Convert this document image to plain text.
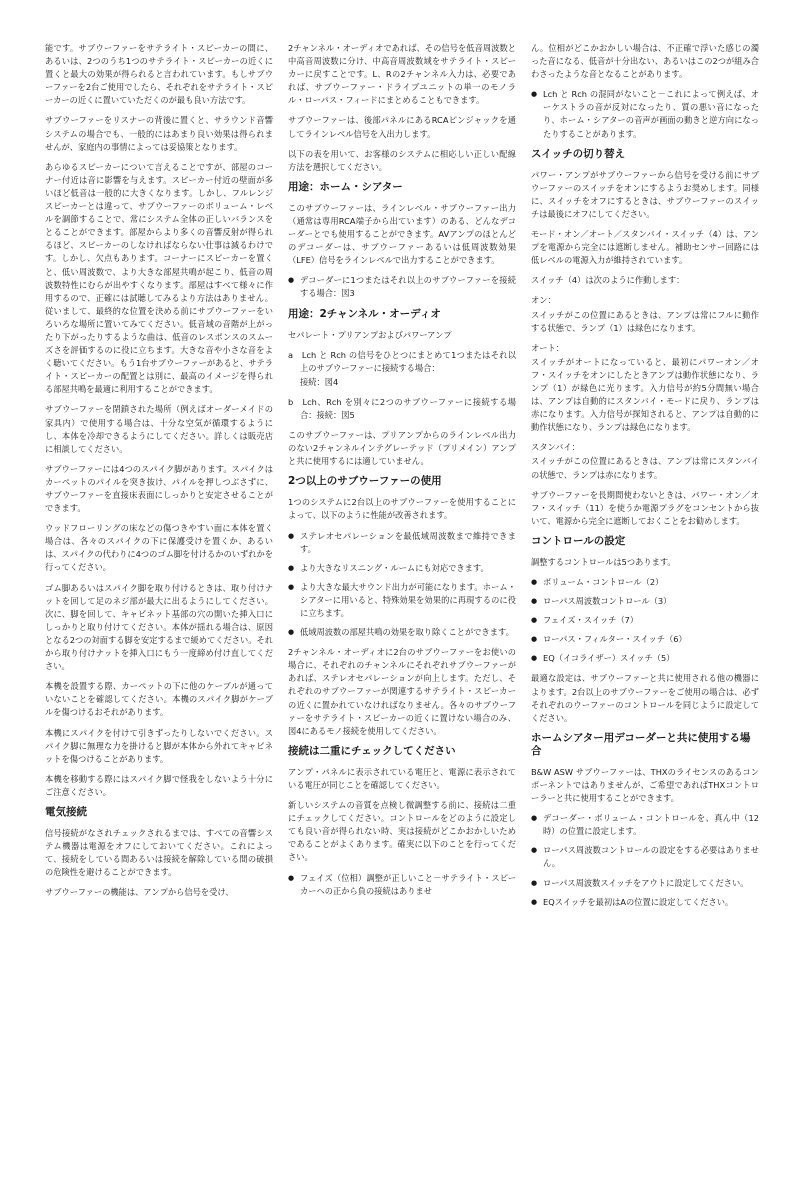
能です。サブウーファーをサテライト・スピーカーの間に、あるいは、2つのうち1つのサテライト・スピーカーの近くに置くと最大の効果が得られると言われています。もしサブウーファーを2台ご使用でしたら、それぞれをサテライト・スピーカーの近くに置いていただくのが最も良い方法です。

サブウーファーをリスナーの背後に置くと、サラウンド音響システムの場合でも、一般的にはあまり良い効果は得られませんが、家庭内の事情によっては妥協策となります。

あらゆるスピーカーについて言えることですが、部屋のコーナー付近は音に影響を与えます。スピーカー付近の壁面が多いほど低音は一般的に大きくなります。しかし、フルレンジスピーカーとは違って、サブウーファーのボリューム・レベルを調節することで、常にシステム全体の正しいバランスをとることができます。部屋からより多くの音響反射が得られるほど、スピーカーのしなければならない仕事は減るわけです。しかし、欠点もあります。コーナーにスピーカーを置くと、低い周波数で、より大きな部屋共鳴が起こり、低音の周波数特性にむらが出やすくなります。部屋はすべて様々に作用するので、正確には試聴してみるより方法はありません。従いまして、最終的な位置を決める前にサブウーファーをいろいろな場所に置いてみてください。低音域の音階が上がったり下がったりするような曲は、低音のレスポンスのスムーズさを評価するのに役に立ちます。大きな音や小さな音をよく聴いてください。もう1台サブウーファーがあると、サテライト・スピーカーの配置とは別に、最高のイメージを得られる部屋共鳴を最適に利用することができます。

サブウーファーを閉鎖された場所（例えばオーダーメイドの家具内）で使用する場合は、十分な空気が循環するようにし、本体を冷却できるようにしてください。詳しくは販売店に相談してください。

サブウーファーには4つのスパイク脚があります。スパイクはカーペットのパイルを突き抜け、パイルを押しつぶさずに、サブウーファーを直接床表面にしっかりと安定させることができます。

ウッドフローリングの床などの傷つきやすい面に本体を置く場合は、各々のスパイクの下に保護受けを置くか、あるいは、スパイクの代わりに4つのゴム脚を付けるかのいずれかを行ってください。

ゴム脚あるいはスパイク脚を取り付けるときは、取り付けナットを回して足のネジ部が最大に出るようにしてください。次に、脚を回して、キャビネット基部の穴の開いた挿入口にしっかりと取り付けてください。本体が揺れる場合は、原因となる2つの対面する脚を安定するまで緩めてください。それから取り付けナットを挿入口にもう一度締め付け直してください。

本機を設置する際、カーペットの下に他のケーブルが通っていないことを確認してください。本機のスパイク脚がケーブルを傷つけるおそれがあります。

本機にスパイクを付けて引きずったりしないでください。スパイク脚に無理な力を掛けると脚が本体から外れてキャビネットを傷つけることがあります。

本機を移動する際にはスパイク脚で怪我をしないよう十分にご注意ください。

電気接続

信号接続がなされチェックされるまでは、すべての音響システム機器は電源をオフにしておいてください。これによって、接続をしている間あるいは接続を解除している間の破損の危険性を避けることができます。

サブウーファーの機能は、アンプから信号を受け、

2チャンネル・オーディオであれば、その信号を低音周波数と中高音周波数に分け、中高音周波数域をサテライト・スピーカーに戻すことです。L、Rの2チャンネル入力は、必要であれば、サブウーファー・ドライブユニットの単一のモノラル・ローパス・フィードにまとめることもできます。

サブウーファーは、後部パネルにあるRCAピンジャックを通してラインレベル信号を入出力します。

以下の表を用いて、お客様のシステムに相応しい正しい配線方法を選択してください。

用途：ホーム・シアター

このサブウーファーは、ラインレベル・サブウーファー出力（通常は専用RCA端子から出ています）のある、どんなデコーダーとでも使用することができます。AVアンプのほとんどのデコーダーは、サブウーファーあるいは低周波数効果（LFE）信号をラインレベルで出力することができます。

● デコーダーに1つまたはそれ以上のサブウーファーを接続する場合：図3
用途：2チャンネル・オーディオ

セパレート・プリアンプおよびパワーアンプ

a　Lch と Rch の信号をひとつにまとめて1つまたはそれ以上のサブウーファーに接続する場合：

接続：図4

b　Lch、Rch を別々に2つのサブウーファーに接続する場合：接続：図5

このサブウーファーは、プリアンプからのラインレベル出力のない2チャンネルインテグレーテッド（プリメイン）アンプと共に使用するには適していません。

2つ以上のサブウーファーの使用

1つのシステムに2台以上のサブウーファーを使用することによって、以下のように性能が改善されます。

● ステレオセパレーションを最低域周波数まで維持できます。
● より大きなリスニング・ルームにも対応できます。
● より大きな最大サウンド出力が可能になります。ホーム・シアターに用いると、特殊効果を効果的に再現するのに役に立ちます。
● 低域周波数の部屋共鳴の効果を取り除くことができます。

2チャンネル・オーディオに2台のサブウーファーをお使いの場合に、それぞれのチャンネルにそれぞれサブウーファーがあれば、ステレオセパレーションが向上します。ただし、それぞれのサブウーファーが関連するサテライト・スピーカーの近くに置かれていなければなりません。各々のサブウーファーをサテライト・スピーカーの近くに置けない場合のみ、図4にあるモノ接続を使用してください。

接続は二重にチェックしてください

アンプ・パネルに表示されている電圧と、電源に表示されている電圧が同じことを確認してください。

新しいシステムの音質を点検し微調整する前に、接続は二重にチェックしてください。コントロールをどのように設定しても良い音が得られない時、実は接続がどこかおかしいためであることがよくあります。確実に以下のことを行ってください。

● フェイズ（位相）調整が正しいこと－サテライト・スピーカーへの正から負の接続はありませ

ん。位相がどこかおかしい場合は、不正確で浮いた感じの濁った音になる、低音が十分出ない、あるいはこの2つが組み合わさったような音となることがあります。

● Lch と Rch の混同がないこと－これによって例えば、オーケストラの音が反対になったり、質の悪い音になったり、ホーム・シアターの音声が画面の動きと逆方向になったりすることがあります。
スイッチの切り替え

パワー・アンプがサブウーファーから信号を受ける前にサブウーファーのスイッチをオンにするようお奨めします。同様に、スイッチをオフにするときは、サブウーファーのスイッチは最後にオフにしてください。

モード・オン／オート／スタンバイ・スイッチ（4）は、アンプを電源から完全には遮断しません。補助センサー回路には低レベルの電源入力が維持されています。

スイッチ（4）は次のように作動します：

オン：

スイッチがこの位置にあるときは、アンプは常にフルに動作する状態で、ランプ（1）は緑色になります。

オート：

スイッチがオートになっていると、最初にパワーオン／オフ・スイッチをオンにしたときアンプは動作状態になり、ランプ（1）が緑色に光ります。入力信号が約5分間無い場合は、アンプは自動的にスタンバイ・モードに戻り、ランプは赤になります。入力信号が探知されると、アンプは自動的に動作状態になり、ランプは緑色になります。

スタンバイ：

スイッチがこの位置にあるときは、アンプは常にスタンバイの状態で、ランプは赤になります。

サブウーファーを長期間使わないときは、パワー・オン／オフ・スイッチ（11）を使うか電源プラグをコンセントから抜いて、電源から完全に遮断しておくことをお勧めします。

コントロールの設定

調整するコントロールは5つあります。

● ボリューム・コントロール（2）
● ローパス周波数コントロール（3）
● フェイズ・スイッチ（7）
● ローパス・フィルター・スイッチ（6）
● EQ（イコライザー）スイッチ（5）

最適な設定は、サブウーファーと共に使用される他の機器によります。2台以上のサブウーファーをご使用の場合は、必ずそれぞれのウーファーのコントロールを同じように設定してください。

ホームシアター用デコーダーと共に使用する場合

B&W ASW サブウーファーは、THXのライセンスのあるコンポーネントではありませんが、ご希望であればTHXコントローラーと共に使用することができます。

● デコーダー・ボリューム・コントロールを、真ん中（12時）の位置に設定します。
● ローパス周波数コントロールの設定をする必要はありません。
● ローパス周波数スイッチをアウトに設定してください。
● EQスイッチを最初はAの位置に設定してください。
